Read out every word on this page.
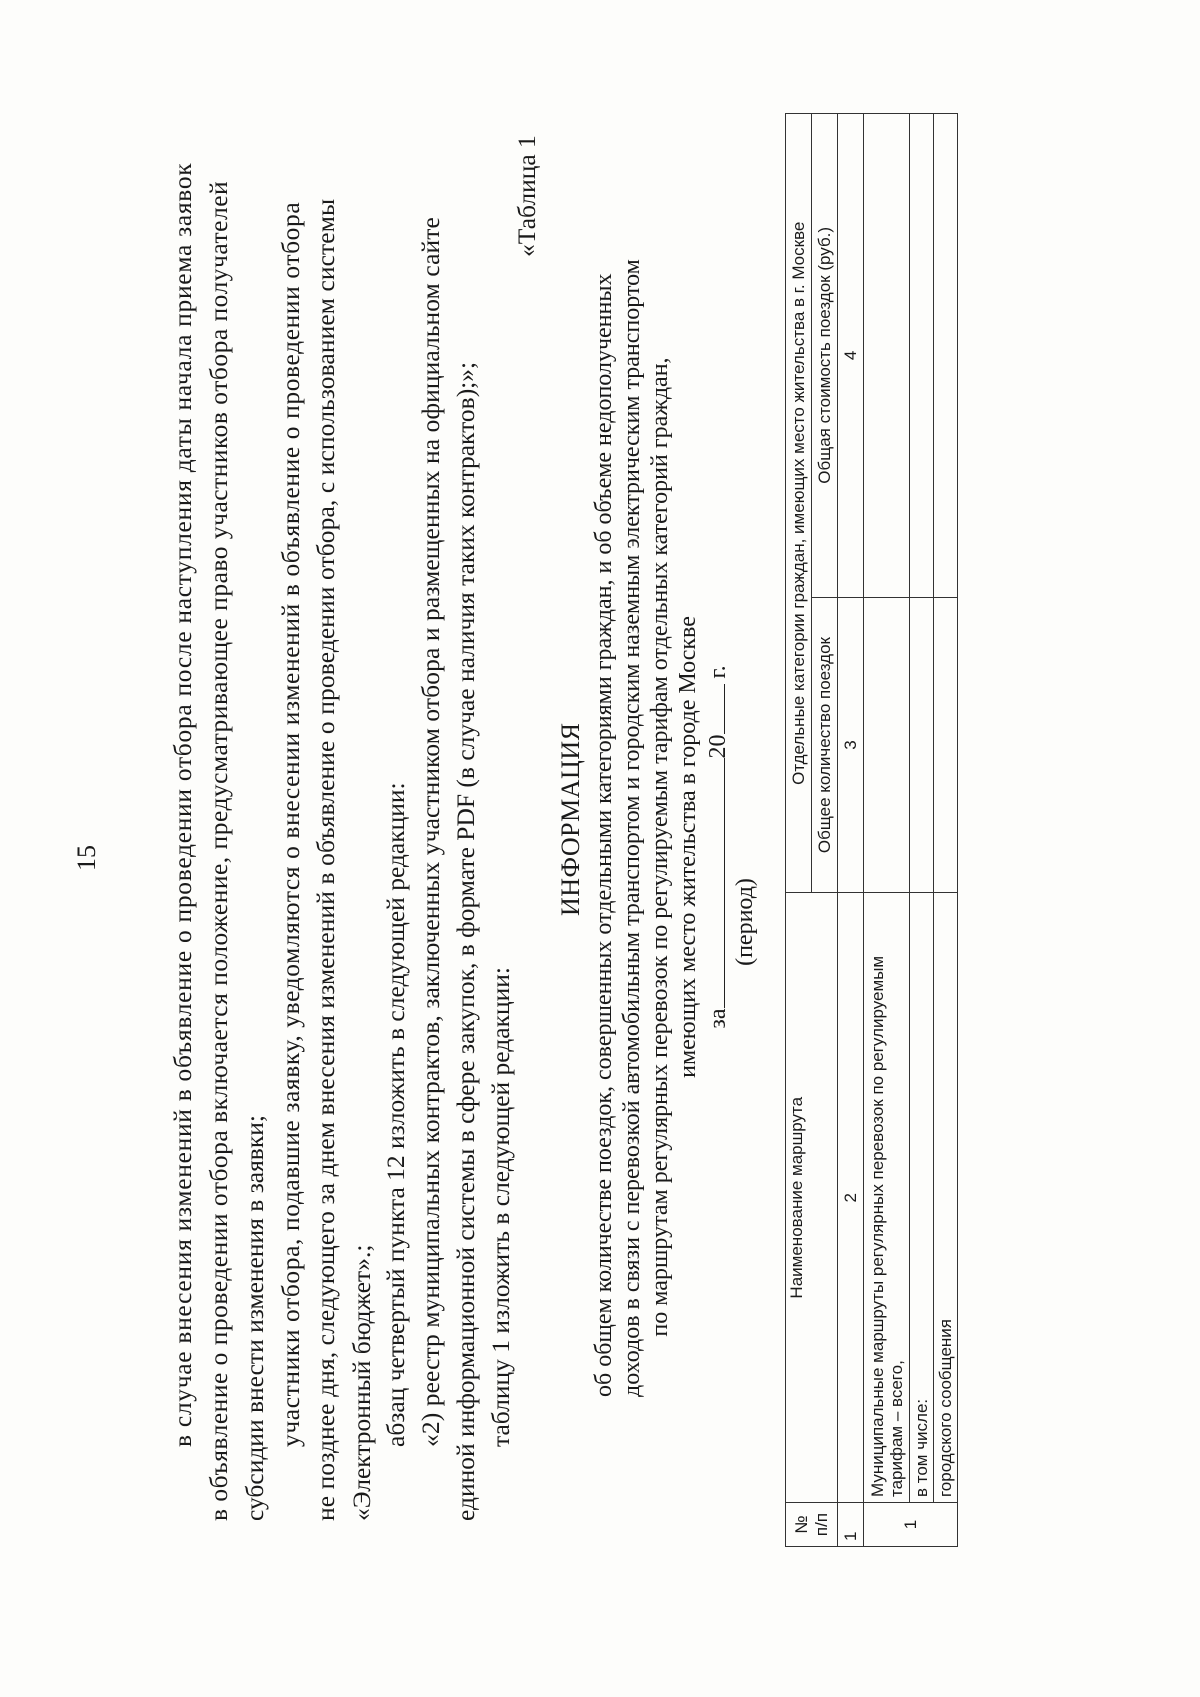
15	в случае внесения изменений в объявление о проведении отбора после наступления даты начала приема заявок в объявление о проведении отбора включается положение, предусматривающее право участников отбора получателей субсидии внести изменения в заявки; участники отбора, подавшие заявку, уведомляются о внесении изменений в объявление о проведении отбора не позднее дня, следующего за днем внесения изменений в объявление о проведении отбора, с использованием системы «Электронный бюджет».; абзац четвертый пункта 12 изложить в следующей редакции: «2) реестр муниципальных контрактов, заключенных участником отбора и размещенных на официальном сайте единой информационной системы в сфере закупок, в формате PDF (в случае наличия таких контрактов);»; таблицу 1 изложить в следующей редакции:
«Таблица 1
ИНФОРМАЦИЯ об общем количестве поездок, совершенных отдельными категориями граждан, и об объеме недополученных доходов в связи с перевозкой автомобильным транспортом и городским наземным электрическим транспортом по маршрутам регулярных перевозок по регулируемым тарифам отдельных категорий граждан, имеющих место жительства в городе Москве за20 г.
(период)
№ п/п	Наименование маршрута	Отдельные категории граждан, имеющих место жительства в г. Москве	
		Общее количество поездок	Общая стоимость поездок (руб.)
1	2	3	4
1	Муниципальные маршруты регулярных перевозок по регулируемым тарифам – всего,		
	в том числе:		
	городского сообщения		
